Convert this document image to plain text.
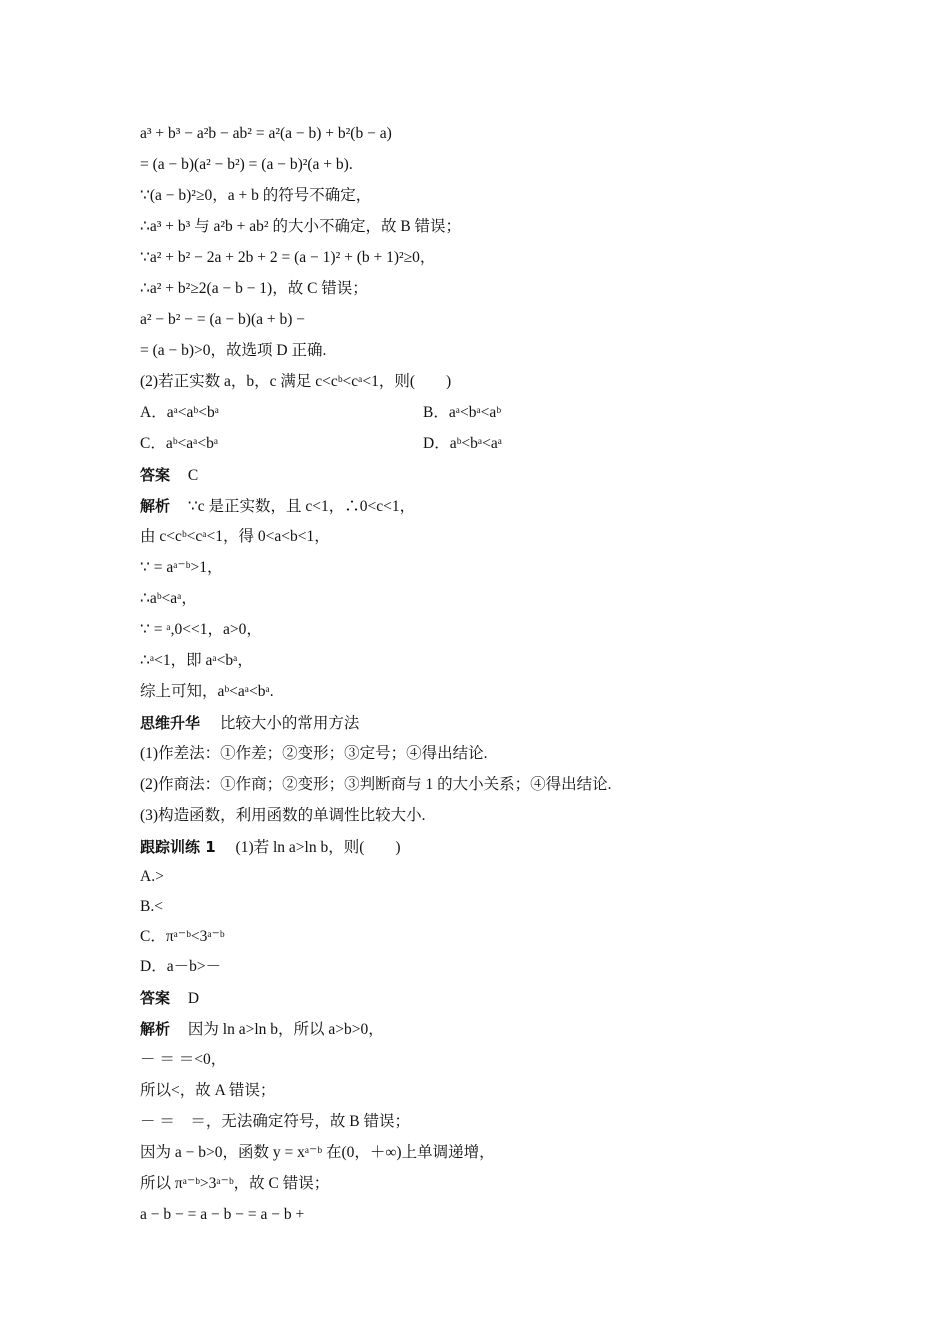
a³ + b³ − a²b − ab² = a²(a − b) + b²(b − a)
= (a − b)(a² − b²) = (a − b)²(a + b).
∵(a − b)²≥0，a + b 的符号不确定，
∴a³ + b³ 与 a²b + ab² 的大小不确定，故 B 错误；
∵a² + b² − 2a + 2b + 2 = (a − 1)² + (b + 1)²≥0，
∴a² + b²≥2(a − b − 1)，故 C 错误；
a² − b² − = (a − b)(a + b) −
= (a − b)>0，故选项 D 正确.
(2)若正实数 a，b，c 满足 c<cᵇ<cᵃ<1，则(　　)
A．aᵃ<aᵇ<bᵃ	B．aᵃ<bᵃ<aᵇ
C．aᵇ<aᵃ<bᵃ	D．aᵇ<bᵃ<aᵃ
答案 C
解析 ∵c 是正实数，且 c<1，∴0<c<1，
由 c<cᵇ<cᵃ<1，得 0<a<b<1，
∵ = aᵃ⁻ᵇ>1，
∴aᵇ<aᵃ，
∵ = ᵃ,0<<1，a>0，
∴ᵃ<1，即 aᵃ<bᵃ，
综上可知，aᵇ<aᵃ<bᵃ.
思维升华 比较大小的常用方法
(1)作差法：①作差；②变形；③定号；④得出结论.
(2)作商法：①作商；②变形；③判断商与 1 的大小关系；④得出结论.
(3)构造函数，利用函数的单调性比较大小.
跟踪训练 1 (1)若 ln a>ln b，则(　　)
A.>
B.<
C．πᵃ⁻ᵇ<3ᵃ⁻ᵇ
D．a－b>－
答案 D
解析 因为 ln a>ln b，所以 a>b>0，
－ ＝ ＝<0，
所以<，故 A 错误；
－ ＝　＝，无法确定符号，故 B 错误；
因为 a − b>0，函数 y = xᵃ⁻ᵇ 在(0，＋∞)上单调递增，
所以 πᵃ⁻ᵇ>3ᵃ⁻ᵇ，故 C 错误；
a − b − = a − b − = a − b +
